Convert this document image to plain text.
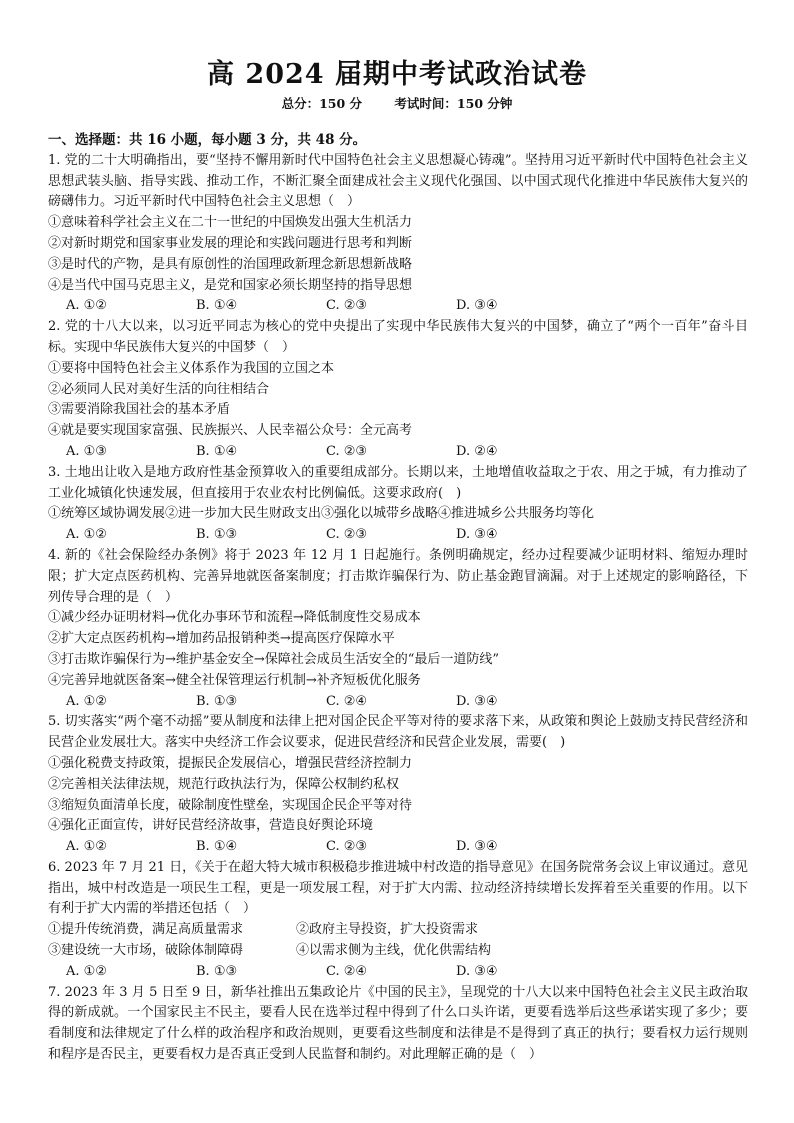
高 2024 届期中考试政治试卷
总分：150 分	考试时间：150 分钟
一、选择题：共 16 小题，每小题 3 分，共 48 分。
1. 党的二十大明确指出，要“坚持不懈用新时代中国特色社会主义思想凝心铸魂”。坚持用习近平新时代中国特色社会主义思想武装头脑、指导实践、推动工作，不断汇聚全面建成社会主义现代化强国、以中国式现代化推进中华民族伟大复兴的磅礴伟力。习近平新时代中国特色社会主义思想（　）
①意味着科学社会主义在二十一世纪的中国焕发出强大生机活力
②对新时期党和国家事业发展的理论和实践问题进行思考和判断
③是时代的产物，是具有原创性的治国理政新理念新思想新战略
④是当代中国马克思主义，是党和国家必须长期坚持的指导思想
A. ①②	B. ①④	C. ②③	D. ③④
2. 党的十八大以来，以习近平同志为核心的党中央提出了实现中华民族伟大复兴的中国梦，确立了“两个一百年”奋斗目标。实现中华民族伟大复兴的中国梦（　）
①要将中国特色社会主义体系作为我国的立国之本
②必须同人民对美好生活的向往相结合
③需要消除我国社会的基本矛盾
④就是要实现国家富强、民族振兴、人民幸福公众号：全元高考
A. ①③	B. ①④	C. ②③	D. ②④
3. 土地出让收入是地方政府性基金预算收入的重要组成部分。长期以来，土地增值收益取之于农、用之于城，有力推动了工业化城镇化快速发展，但直接用于农业农村比例偏低。这要求政府(　)
①统筹区域协调发展②进一步加大民生财政支出③强化以城带乡战略④推进城乡公共服务均等化
A. ①②	B. ①③	C. ②③	D. ③④
4. 新的《社会保险经办条例》将于 2023 年 12 月 1 日起施行。条例明确规定，经办过程要减少证明材料、缩短办理时限；扩大定点医药机构、完善异地就医备案制度；打击欺诈骗保行为、防止基金跑冒滴漏。对于上述规定的影响路径，下列传导合理的是（　）
①减少经办证明材料→优化办事环节和流程→降低制度性交易成本
②扩大定点医药机构→增加药品报销种类→提高医疗保障水平
③打击欺诈骗保行为→维护基金安全→保障社会成员生活安全的“最后一道防线”
④完善异地就医备案→健全社保管理运行机制→补齐短板优化服务
A. ①②	B. ①③	C. ②④	D. ③④
5. 切实落实“两个毫不动摇”要从制度和法律上把对国企民企平等对待的要求落下来，从政策和舆论上鼓励支持民营经济和民营企业发展壮大。落实中央经济工作会议要求，促进民营经济和民营企业发展，需要(　)
①强化税费支持政策，提振民企发展信心，增强民营经济控制力
②完善相关法律法规，规范行政执法行为，保障公权制约私权
③缩短负面清单长度，破除制度性壁垒，实现国企民企平等对待
④强化正面宣传，讲好民营经济故事，营造良好舆论环境
A. ①②	B. ①④	C. ②③	D. ③④
6. 2023 年 7 月 21 日，《关于在超大特大城市积极稳步推进城中村改造的指导意见》在国务院常务会议上审议通过。意见指出，城中村改造是一项民生工程，更是一项发展工程，对于扩大内需、拉动经济持续增长发挥着至关重要的作用。以下有利于扩大内需的举措还包括（　）
①提升传统消费，满足高质量需求	②政府主导投资，扩大投资需求
③建设统一大市场，破除体制障碍	④以需求侧为主线，优化供需结构
A. ①②	B. ①③	C. ②④	D. ③④
7. 2023 年 3 月 5 日至 9 日，新华社推出五集政论片《中国的民主》，呈现党的十八大以来中国特色社会主义民主政治取得的新成就。一个国家民主不民主，要看人民在选举过程中得到了什么口头许诺，更要看选举后这些承诺实现了多少；要看制度和法律规定了什么样的政治程序和政治规则，更要看这些制度和法律是不是得到了真正的执行；要看权力运行规则和程序是否民主，更要看权力是否真正受到人民监督和制约。对此理解正确的是（　）
